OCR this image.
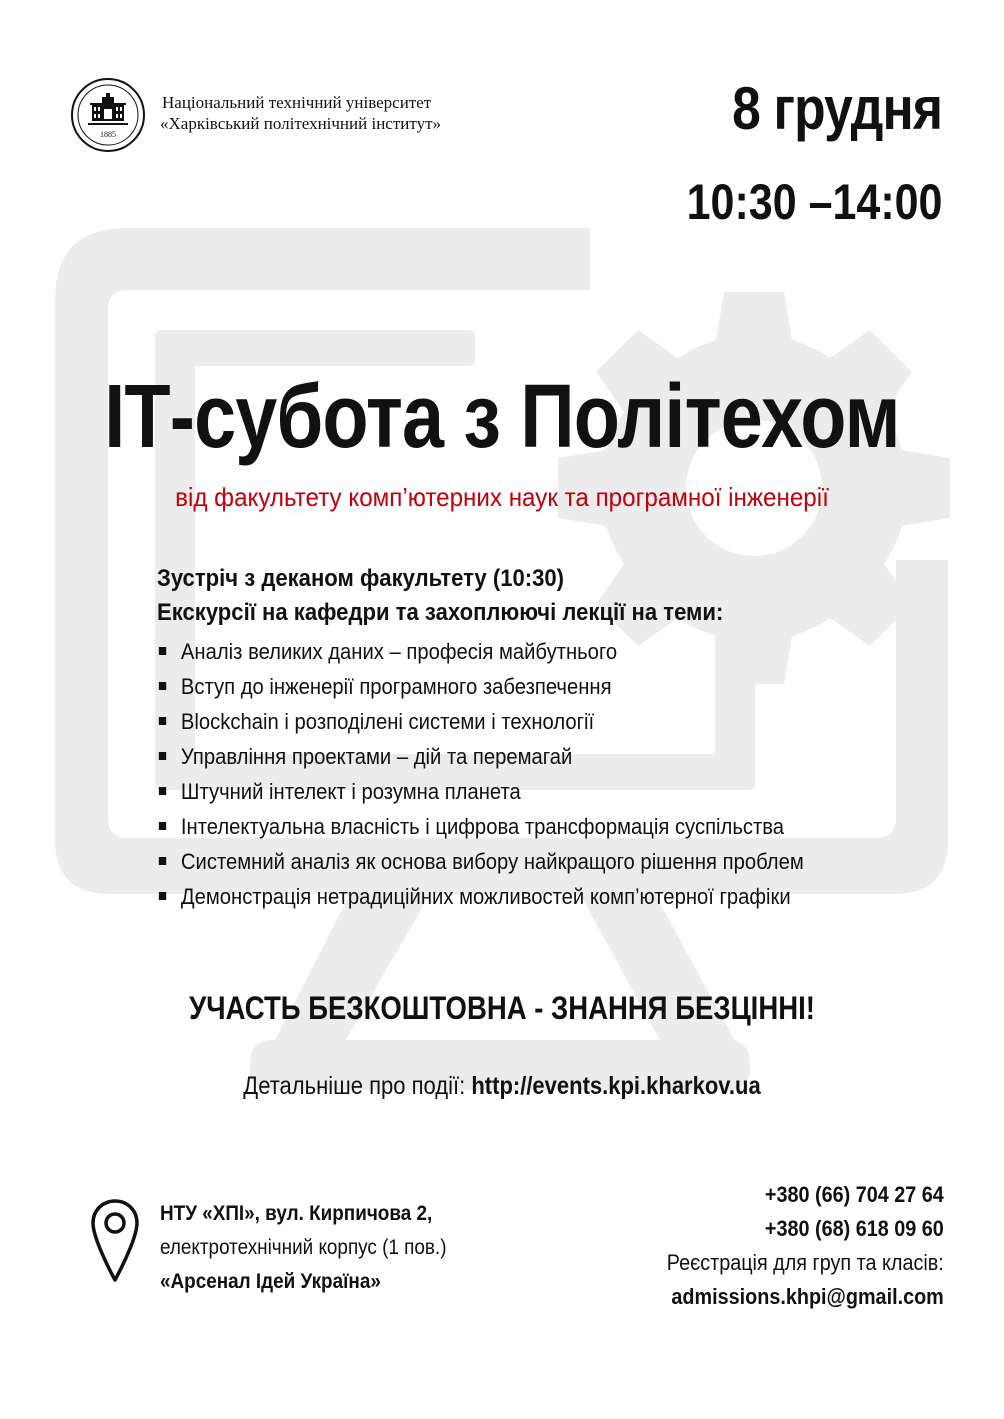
1885
Національний технічний університет
«Харківський політехнічний інститут»	8 грудня
10:30 –14:00
ІТ-субота з Політехом
від факультету комп’ютерних наук та програмної інженерії
Зустріч з деканом факультету (10:30)
Екскурсії на кафедри та захоплюючі лекції на теми:
Аналіз великих даних – професія майбутнього
Вступ до інженерії програмного забезпечення
Blockchain і розподілені системи і технології
Управління проектами – дій та перемагай
Штучний інтелект і розумна планета
Інтелектуальна власність і цифрова трансформація суспільства
Системний аналіз як основа вибору найкращого рішення проблем
Демонстрація нетрадиційних можливостей комп’ютерної графіки
УЧАСТЬ БЕЗКОШТОВНА - ЗНАННЯ БЕЗЦІННІ!
Детальніше про події: http://events.kpi.kharkov.ua
НТУ «ХПІ», вул. Кирпичова 2,
електротехнічний корпус (1 пов.)
«Арсенал Ідей Україна»
+380 (66) 704 27 64
+380 (68) 618 09 60
Реєстрація для груп та класів:
admissions.khpi@gmail.com
